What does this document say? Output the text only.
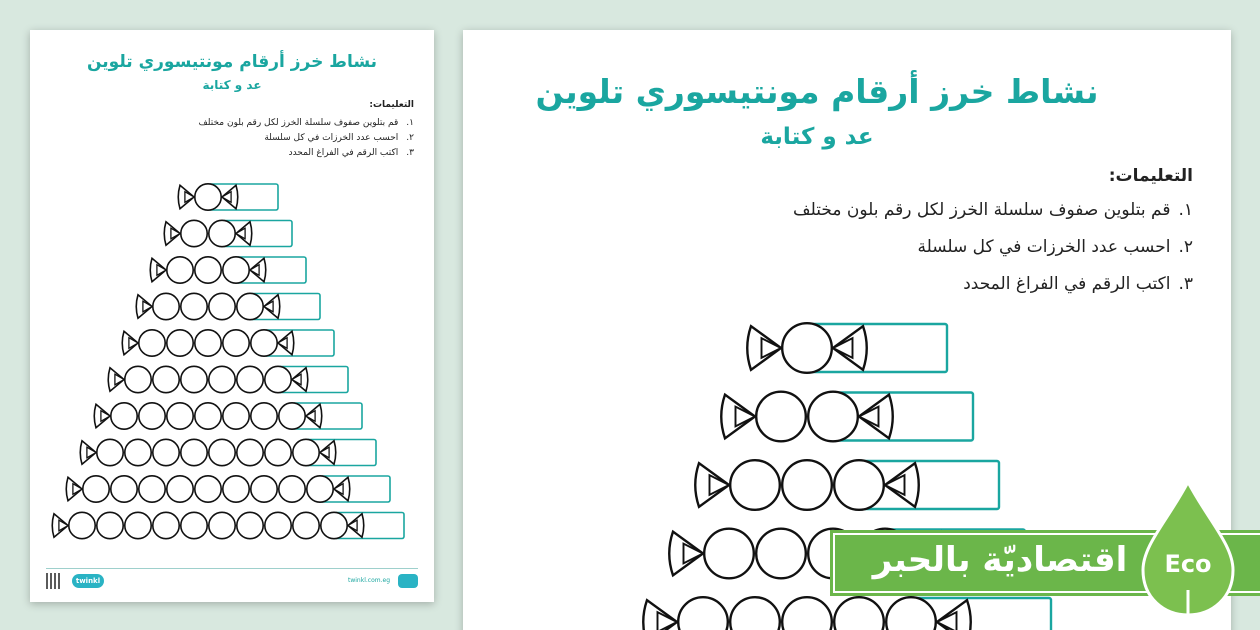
نشاط خرز أرقام مونتيسوري تلوين
عد و كتابة
التعليمات:
١.
قم بتلوين صفوف سلسلة الخرز لكل رقم بلون مختلف
٢.
احسب عدد الخرزات في كل سلسلة
٣.
اكتب الرقم في الفراغ المحدد
twinkl	twinkl.com.eg
نشاط خرز أرقام مونتيسوري تلوين
عد و كتابة
التعليمات:
١.
قم بتلوين صفوف سلسلة الخرز لكل رقم بلون مختلف
٢.
احسب عدد الخرزات في كل سلسلة
٣.
اكتب الرقم في الفراغ المحدد
اقتصاديّة بالحبر	Eco
